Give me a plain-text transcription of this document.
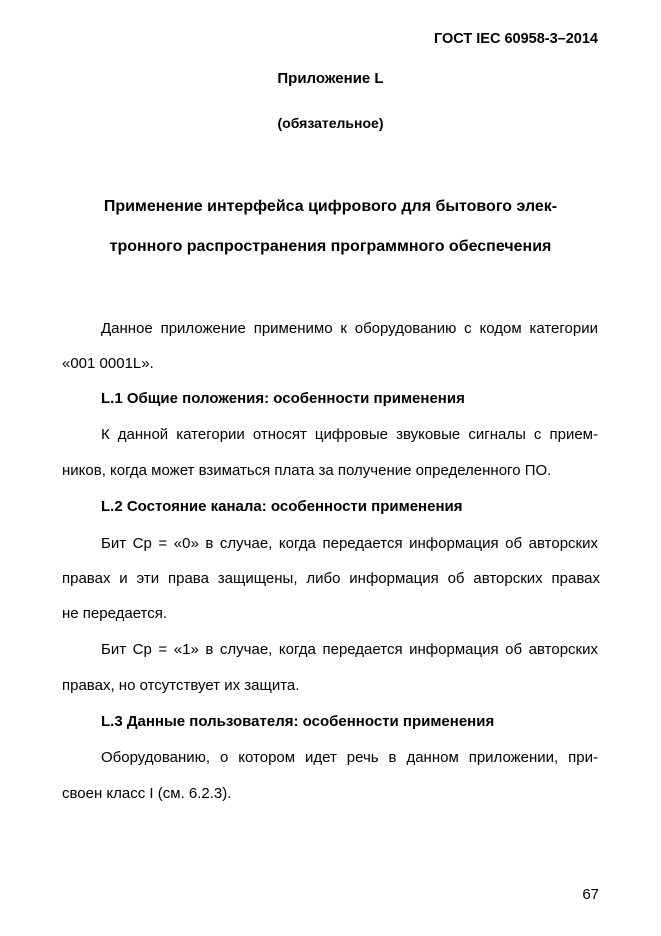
ГОСТ IEC 60958-3–2014
Приложение L
(обязательное)
Применение интерфейса цифрового для бытового элек-
тронного распространения программного обеспечения
Данное приложение применимо к оборудованию с кодом категории
«001 0001L».
L.1 Общие положения: особенности применения
К данной категории относят цифровые звуковые сигналы с прием-
ников, когда может взиматься плата за получение определенного ПО.
L.2 Состояние канала: особенности применения
Бит Cp = «0» в случае, когда передается информация об авторских
правах и эти права защищены, либо информация об авторских правах
не передается.
Бит Cp = «1» в случае, когда передается информация об авторских
правах, но отсутствует их защита.
L.3 Данные пользователя: особенности применения
Оборудованию, о котором идет речь в данном приложении, при-
своен класс I (см. 6.2.3).
67
